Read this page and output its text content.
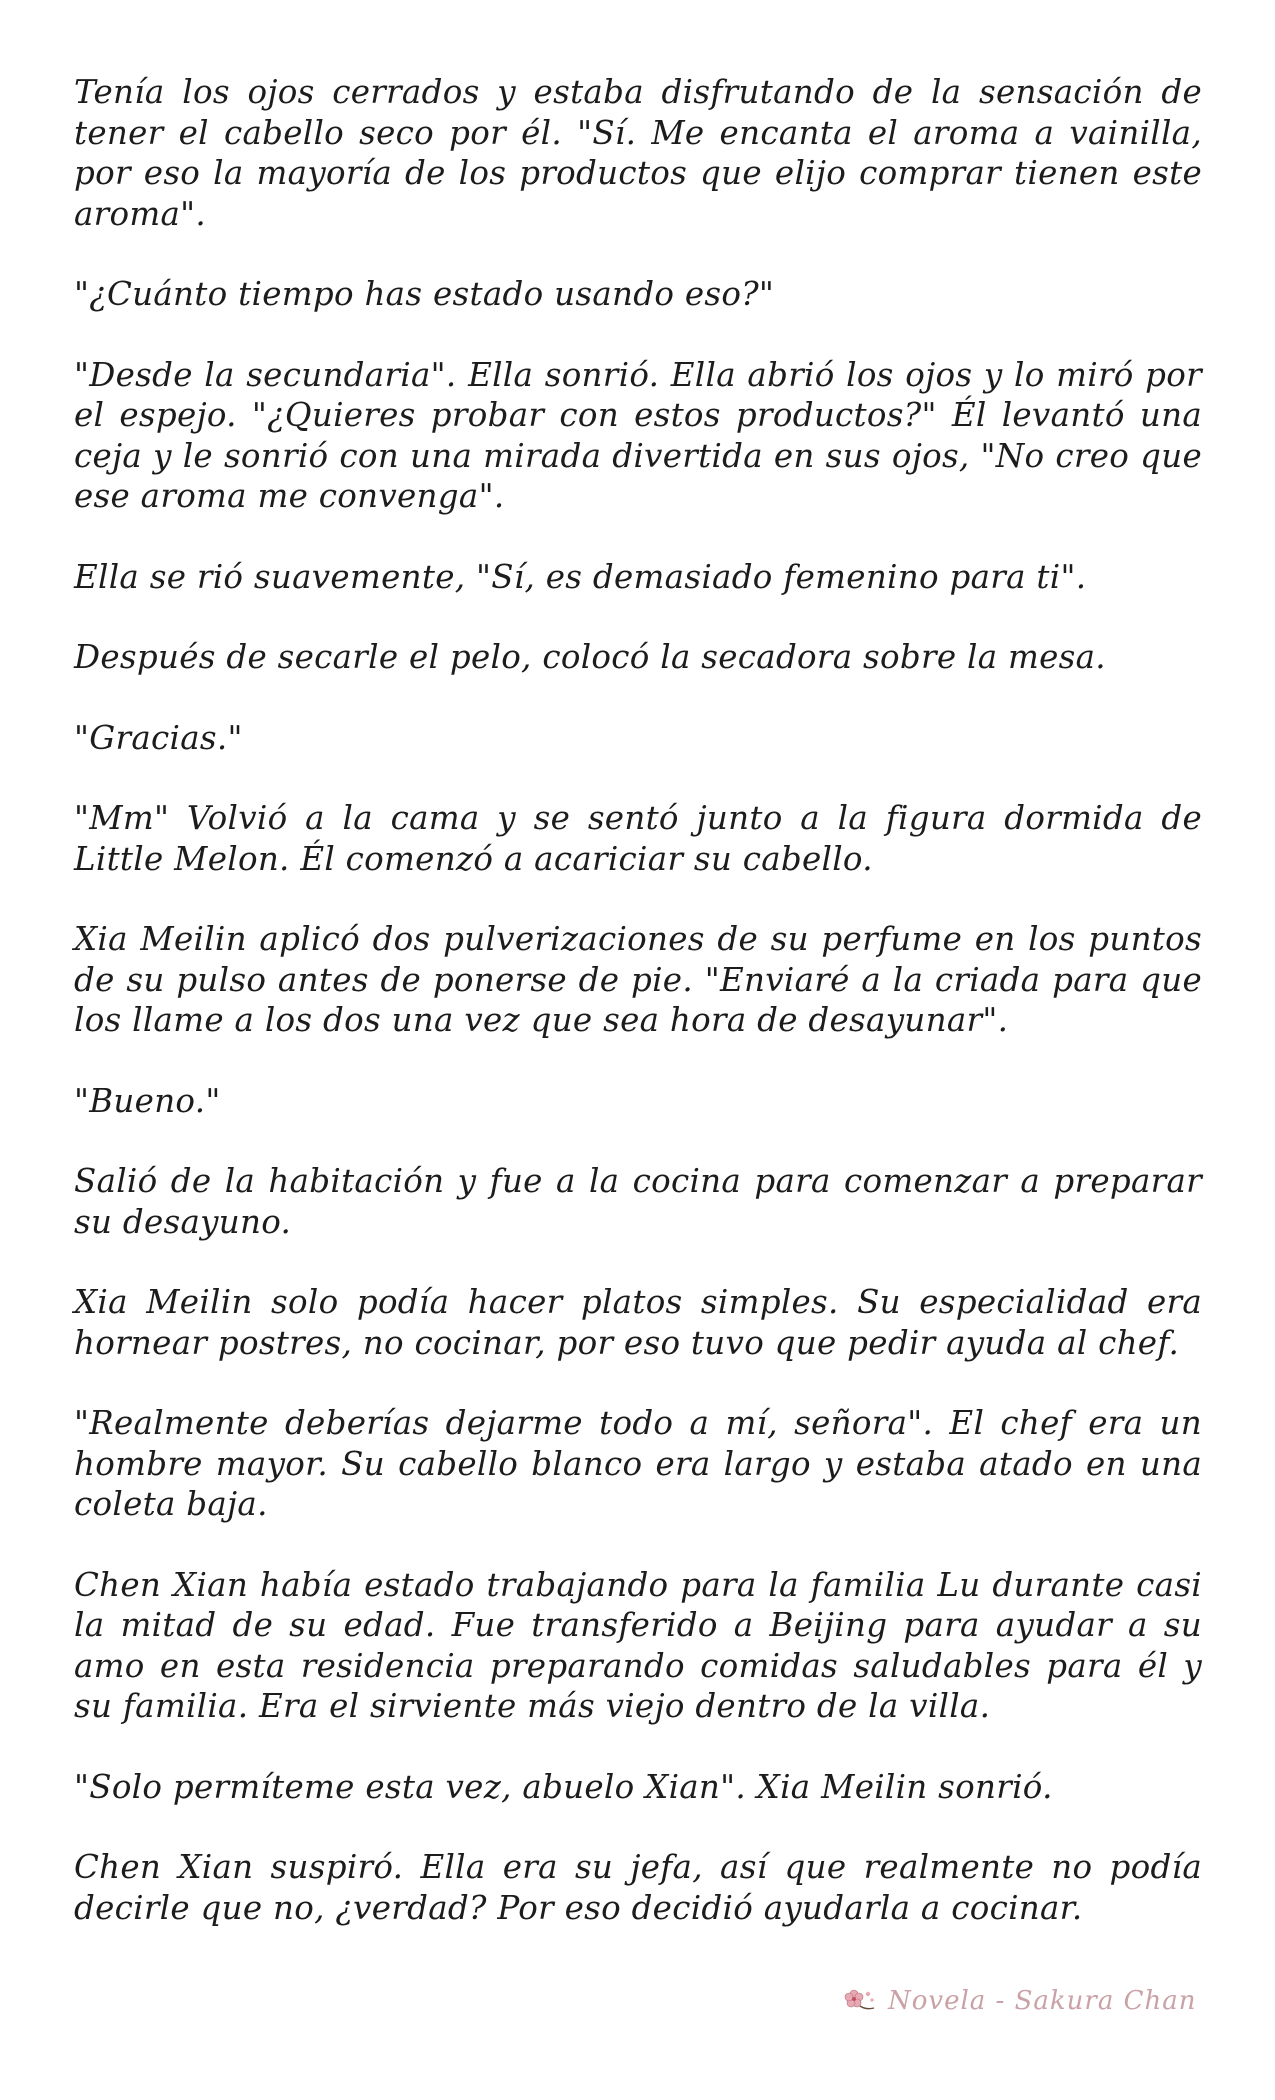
Tenía los ojos cerrados y estaba disfrutando de la sensación de tener el cabello seco por él. "Sí. Me encanta el aroma a vainilla, por eso la mayoría de los productos que elijo comprar tienen este aroma".

"¿Cuánto tiempo has estado usando eso?"

"Desde la secundaria". Ella sonrió. Ella abrió los ojos y lo miró por el espejo. "¿Quieres probar con estos productos?" Él levantó una ceja y le sonrió con una mirada divertida en sus ojos, "No creo que ese aroma me convenga".

Ella se rió suavemente, "Sí, es demasiado femenino para ti".

Después de secarle el pelo, colocó la secadora sobre la mesa.

"Gracias."

"Mm" Volvió a la cama y se sentó junto a la figura dormida de Little Melon. Él comenzó a acariciar su cabello.

Xia Meilin aplicó dos pulverizaciones de su perfume en los puntos de su pulso antes de ponerse de pie. "Enviaré a la criada para que los llame a los dos una vez que sea hora de desayunar".

"Bueno."

Salió de la habitación y fue a la cocina para comenzar a preparar su desayuno.

Xia Meilin solo podía hacer platos simples. Su especialidad era hornear postres, no cocinar, por eso tuvo que pedir ayuda al chef.

"Realmente deberías dejarme todo a mí, señora". El chef era un hombre mayor. Su cabello blanco era largo y estaba atado en una coleta baja.

Chen Xian había estado trabajando para la familia Lu durante casi la mitad de su edad. Fue transferido a Beijing para ayudar a su amo en esta residencia preparando comidas saludables para él y su familia. Era el sirviente más viejo dentro de la villa.

"Solo permíteme esta vez, abuelo Xian". Xia Meilin sonrió.

Chen Xian suspiró. Ella era su jefa, así que realmente no podía decirle que no, ¿verdad? Por eso decidió ayudarla a cocinar.

Novela - Sakura Chan
